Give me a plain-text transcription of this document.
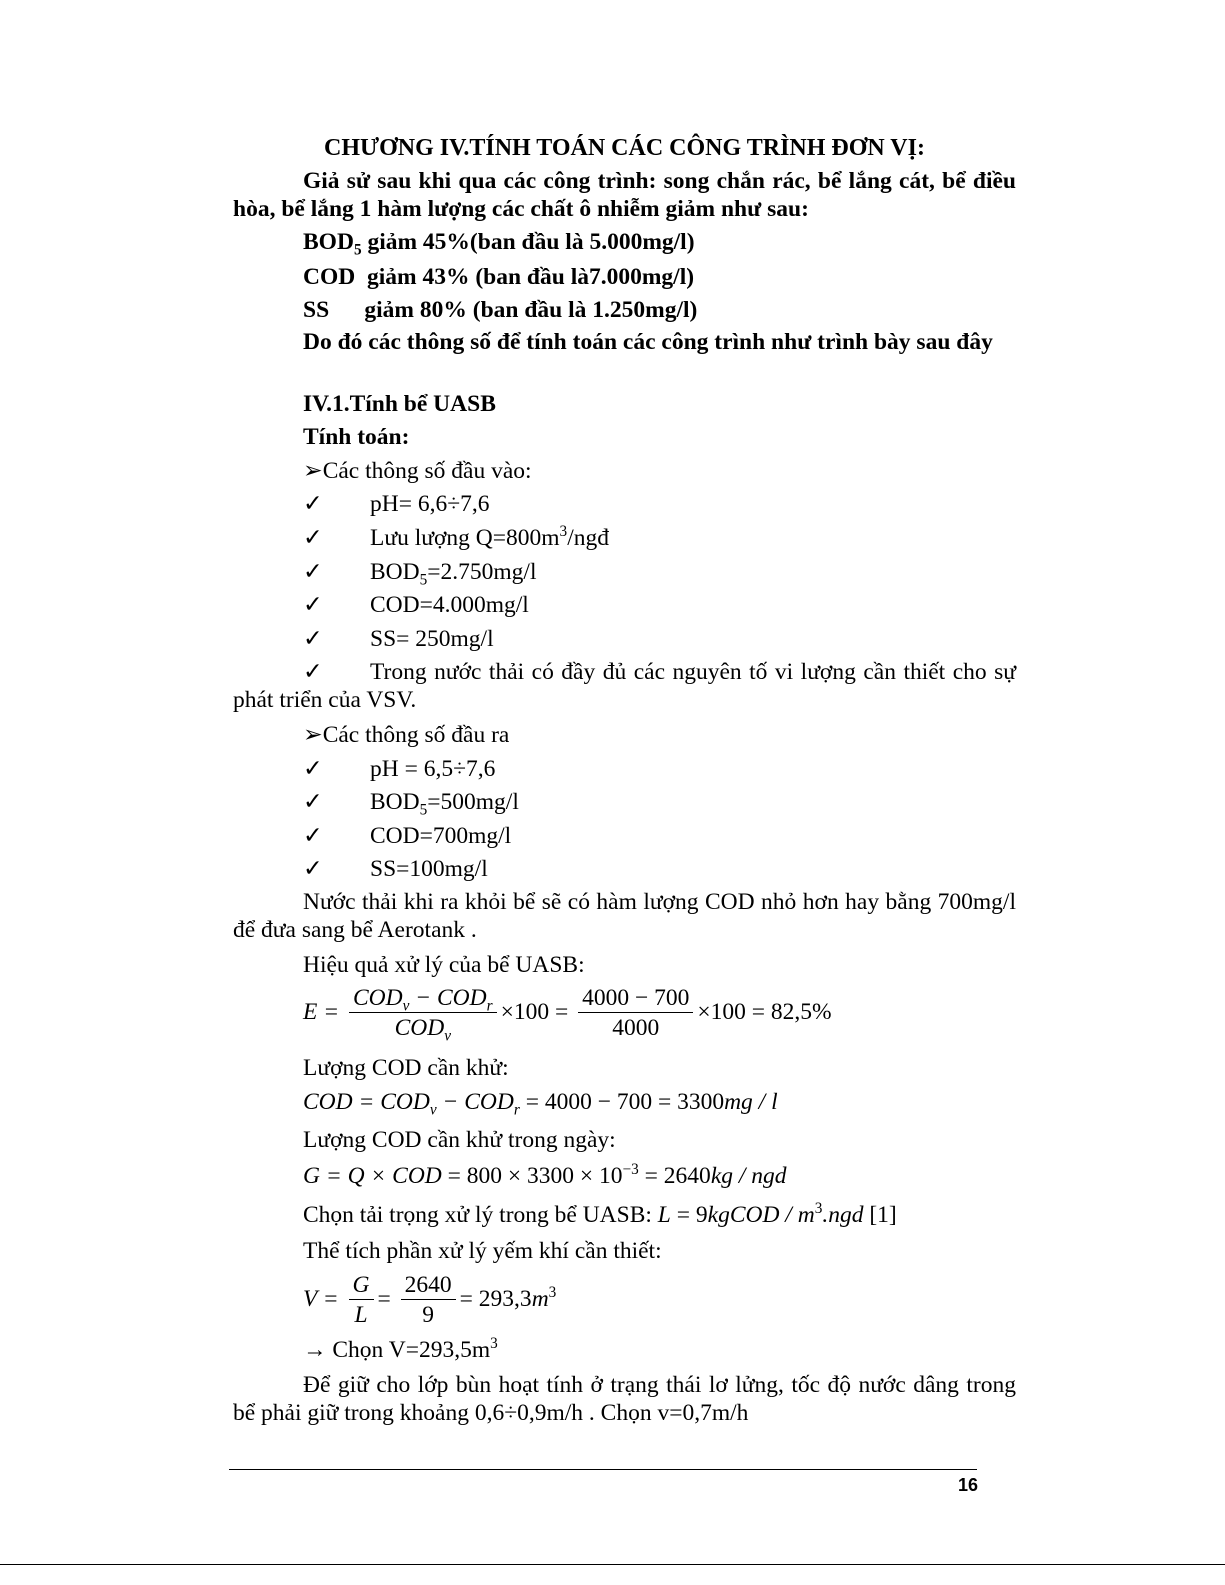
CHƯƠNG IV.TÍNH TOÁN CÁC CÔNG TRÌNH ĐƠN VỊ:

Giả sử sau khi qua các công trình: song chắn rác, bể lắng cát, bể điều hòa, bể lắng 1 hàm lượng các chất ô nhiễm giảm như sau:

$BOD_5$ giảm 45%(ban đầu là 5.000mg/l)

COD  giảm 43% (ban đầu là7.000mg/l)

SS      giảm 80% (ban đầu là 1.250mg/l)

Do đó các thông số để tính toán các công trình như trình bày sau đây

IV.1.Tính bể UASB

Tính toán:

➢Các thông số đầu vào:

✓ pH= 6,6÷7,6

✓ Lưu lượng $Q=800m^3$/ngđ

✓ $BOD_5=2.750mg/l$

✓ COD=4.000mg/l

✓ SS= 250mg/l

✓ Trong nước thải có đầy đủ các nguyên tố vi lượng cần thiết cho sự phát triển của VSV.

➢Các thông số đầu ra

✓ pH = 6,5÷7,6

✓ $BOD_5=500mg/l$

✓ COD=700mg/l

✓ SS=100mg/l

Nước thải khi ra khỏi bể sẽ có hàm lượng COD nhỏ hơn hay bằng 700mg/l để đưa sang bể Aerotank .

Hiệu quả xử lý của bể UASB:

$E = \frac{COD_v - COD_r}{COD_v} \times 100 = \frac{4000 - 700}{4000} \times 100 = 82,5\%$

Lượng COD cần khử:

COD = $COD_v - COD_r = 4000 - 700 = 3300mg / l$

Lượng COD cần khử trong ngày:

G = Q × COD = $800 \times 3300 \times 10^{-3} = 2640kg$ / ngd

Chọn tải trọng xử lý trong bể UASB: L = 9kgCOD / $m^3.ngd$ [1]

Thể tích phần xử lý yếm khí cần thiết:

$V = \frac{G}{L} = \frac{2640}{9} = 293,3m^3$

→ Chọn $V=293,5m^3$

Để giữ cho lớp bùn hoạt tính ở trạng thái lơ lửng, tốc độ nước dâng trong bể phải giữ trong khoảng 0,6÷0,9m/h . Chọn v=0,7m/h

16
